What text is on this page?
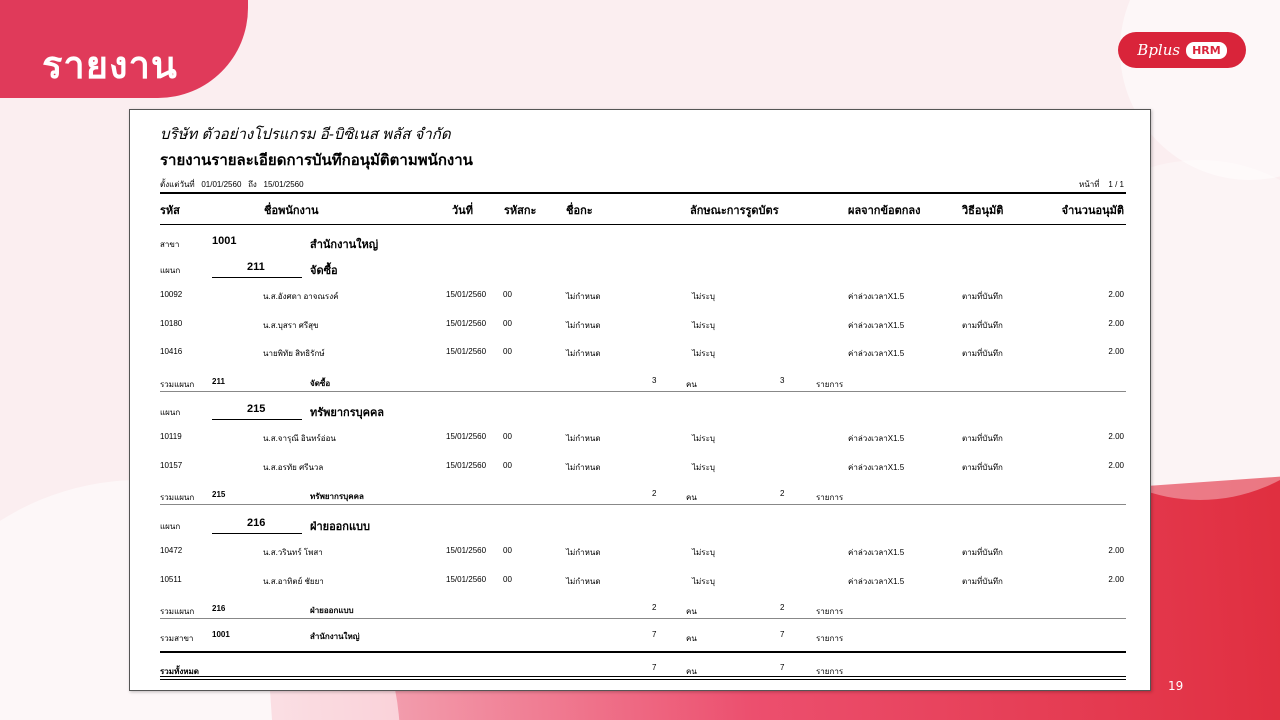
รายงาน	Bplus	HRM
19
บริษัท ตัวอย่างโปรแกรม อี-บิซิเนส พลัส จำกัด
รายงานรายละเอียดการบันทึกอนุมัติตามพนักงาน
ตั้งแต่วันที่ 01/01/2560 ถึง 15/01/2560	หน้าที่ 1 / 1
รหัส	ชื่อพนักงาน	วันที่	รหัสกะ	ชื่อกะ	ลักษณะการรูดบัตร	ผลจากข้อตกลง	วิธีอนุมัติ	จำนวนอนุมัติ
สาขา	1001	สำนักงานใหญ่
แผนก	211	จัดซื้อ
10092	น.ส.อังศดา อาจณรงค์	15/01/2560 00	ไม่กำหนด	ไม่ระบุ	ค่าล่วงเวลาX1.5	ตามที่บันทึก	2.00
10180	น.ส.บุสรา ศรีสุข	15/01/2560 00	ไม่กำหนด	ไม่ระบุ	ค่าล่วงเวลาX1.5	ตามที่บันทึก	2.00
10416	นายพิทัย สิทธิรักษ์	15/01/2560 00	ไม่กำหนด	ไม่ระบุ	ค่าล่วงเวลาX1.5	ตามที่บันทึก	2.00
รวมแผนก 211	จัดซื้อ	3	คน	3	รายการ
แผนก	215	ทรัพยากรบุคคล
10119	น.ส.จารุณี อินทร์อ่อน	15/01/2560 00	ไม่กำหนด	ไม่ระบุ	ค่าล่วงเวลาX1.5	ตามที่บันทึก	2.00
10157	น.ส.อรทัย ศรีนวล	15/01/2560 00	ไม่กำหนด	ไม่ระบุ	ค่าล่วงเวลาX1.5	ตามที่บันทึก	2.00
รวมแผนก 215	ทรัพยากรบุคคล	2	คน	2	รายการ
แผนก	216	ฝ่ายออกแบบ
10472	น.ส.วรินทร์ โพสา	15/01/2560 00	ไม่กำหนด	ไม่ระบุ	ค่าล่วงเวลาX1.5	ตามที่บันทึก	2.00
10511	น.ส.อาทิตย์ ชัยยา	15/01/2560 00	ไม่กำหนด	ไม่ระบุ	ค่าล่วงเวลาX1.5	ตามที่บันทึก	2.00
รวมแผนก 216	ฝ่ายออกแบบ	2	คน	2	รายการ
รวมสาขา 1001	สำนักงานใหญ่	7	คน	7	รายการ
รวมทั้งหมด	7	คน	7	รายการ
